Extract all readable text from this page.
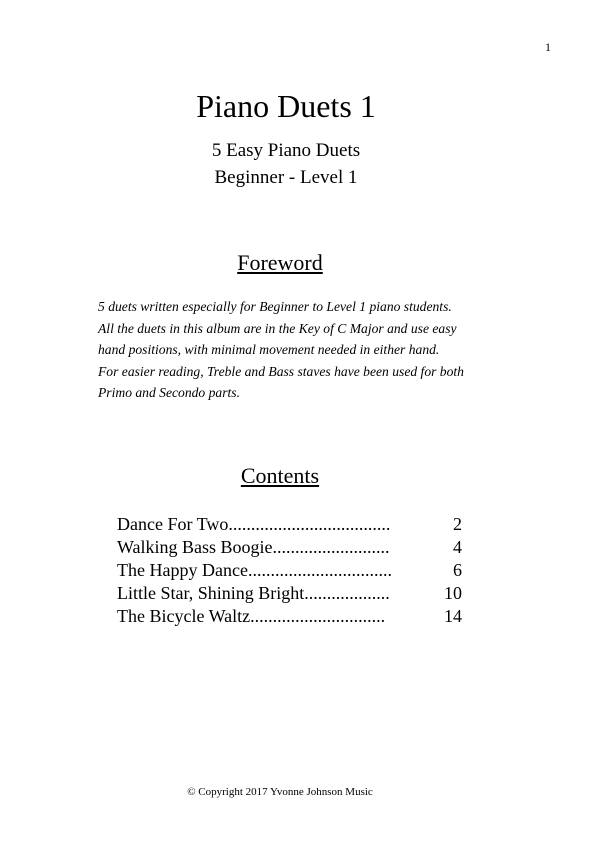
1
Piano Duets 1
5 Easy Piano Duets
Beginner - Level 1
Foreword

5 duets written especially for Beginner to Level 1 piano students.

All the duets in this album are in the Key of C Major and use easy

hand positions, with minimal movement needed in either hand.

For easier reading, Treble and Bass staves have been used for both

Primo and Secondo parts.

Contents
Dance For Two....................................	2
Walking Bass Boogie..........................	4
The Happy Dance................................	6
Little Star, Shining Bright...................	10
The Bicycle Waltz..............................	14
© Copyright 2017 Yvonne Johnson Music
